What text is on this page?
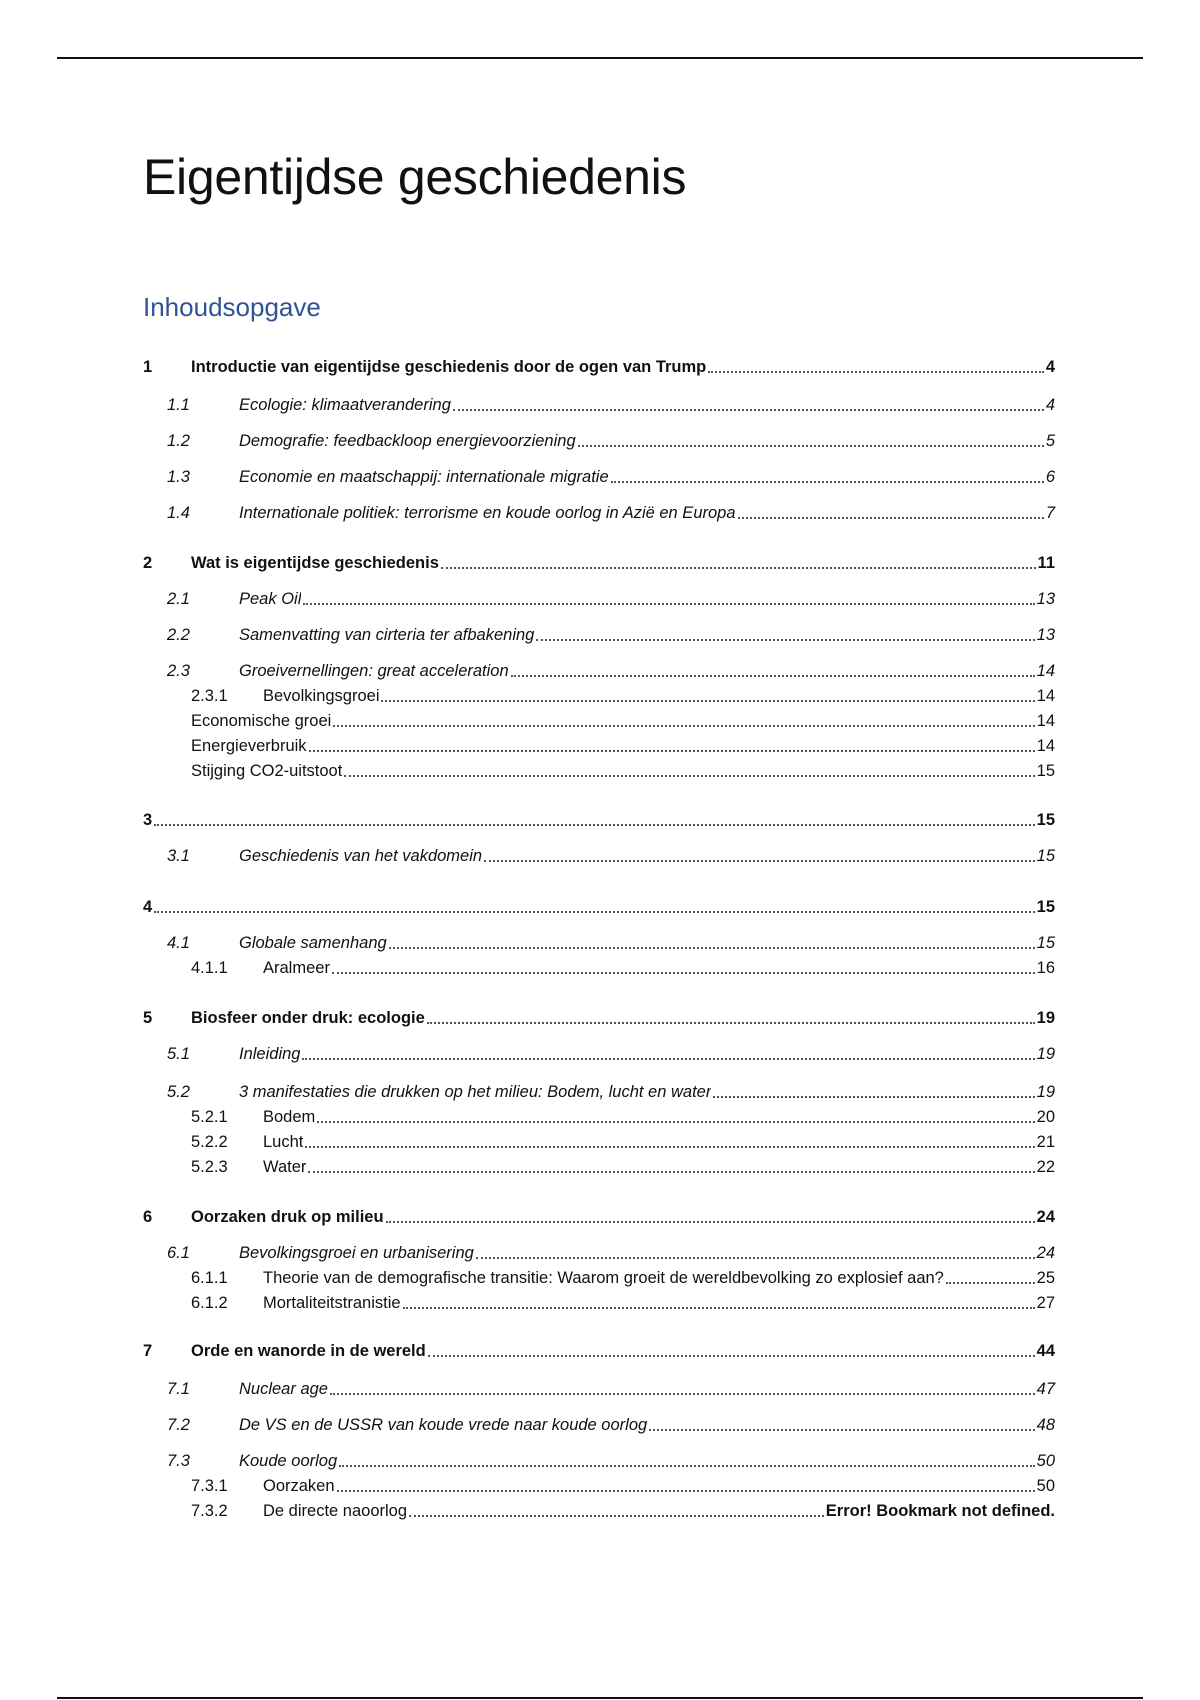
Eigentijdse geschiedenis
Inhoudsopgave
1	Introductie van eigentijdse geschiedenis door de ogen van Trump	4
1.1	Ecologie: klimaatverandering	4
1.2	Demografie: feedbackloop energievoorziening	5
1.3	Economie en maatschappij: internationale migratie	6
1.4	Internationale politiek: terrorisme en koude oorlog in Azië en Europa	7
2	Wat is eigentijdse geschiedenis	11
2.1	Peak Oil	13
2.2	Samenvatting van cirteria ter afbakening	13
2.3	Groeivernellingen: great acceleration	14
2.3.1	Bevolkingsgroei	14
Economische groei	14
Energieverbruik	14
Stijging CO2-uitstoot	15
3	15
3.1	Geschiedenis van het vakdomein	15
4	15
4.1	Globale samenhang	15
4.1.1	Aralmeer	16
5	Biosfeer onder druk: ecologie	19
5.1	Inleiding	19
5.2	3 manifestaties die drukken op het milieu: Bodem, lucht en water	19
5.2.1	Bodem	20
5.2.2	Lucht	21
5.2.3	Water	22
6	Oorzaken druk op milieu	24
6.1	Bevolkingsgroei en urbanisering	24
6.1.1	Theorie van de demografische transitie: Waarom groeit de wereldbevolking zo explosief aan?	25
6.1.2	Mortaliteitstranistie	27
7	Orde en wanorde in de wereld	44
7.1	Nuclear age	47
7.2	De VS en de USSR van koude vrede naar koude oorlog	48
7.3	Koude oorlog	50
7.3.1	Oorzaken	50
7.3.2	De directe naoorlog	Error! Bookmark not defined.
